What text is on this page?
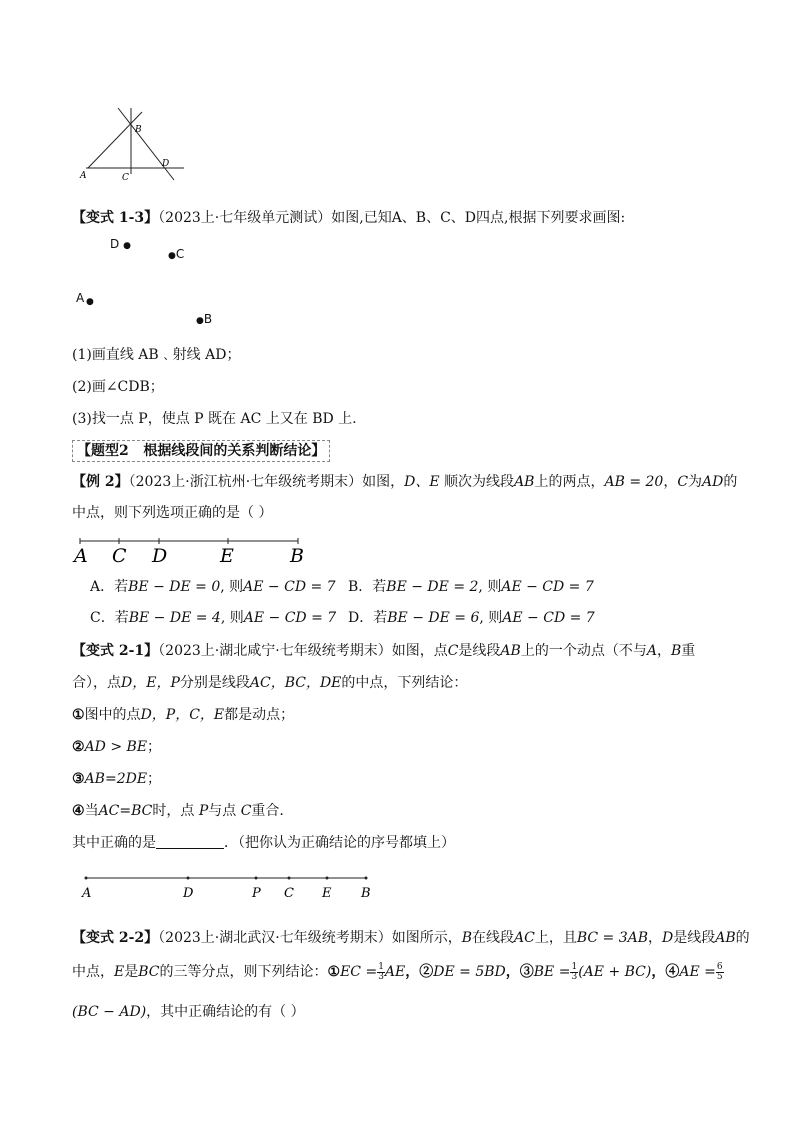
A
B
C
D
【变式 1-3】（2023上·七年级单元测试）如图,已知A、B、C、D四点,根据下列要求画图:
D ●
●C
A ●
●B
(1)画直线 AB﹑射线 AD；
(2)画∠CDB；
(3)找一点 P，使点 P 既在 AC 上又在 BD 上.
【题型2 根据线段间的关系判断结论】
【例 2】（2023上·浙江杭州·七年级统考期末）如图，D、E 顺次为线段AB上的两点，AB = 20，C为AD的
中点，则下列选项正确的是（ ）
A C D	E	B
A．若BE − DE = 0, 则AE − CD = 7 B．若BE − DE = 2, 则AE − CD = 7
C．若BE − DE = 4, 则AE − CD = 7 D．若BE − DE = 6, 则AE − CD = 7
【变式 2-1】（2023上·湖北咸宁·七年级统考期末）如图，点C是线段AB上的一个动点（不与A，B重
合），点D，E，P分别是线段AC，BC，DE的中点，下列结论：
①图中的点D，P，C，E都是动点；
②AD > BE；
③AB=2DE；
④当AC=BC时，点 P与点 C重合.
其中正确的是	．（把你认为正确结论的序号都填上）
A	D	P C E B
【变式 2-2】（2023上·湖北武汉·七年级统考期末）如图所示，B在线段AC上，且BC = 3AB，D是线段AB的
中点，E是BC的三等分点，则下列结论：①EC = $\frac{1}{3}$ AE，②DE = 5BD，③BE = $\frac{1}{3} (AE + BC)$，④AE = $\frac{6}{5}$
(BC − AD)，其中正确结论的有（ ）
